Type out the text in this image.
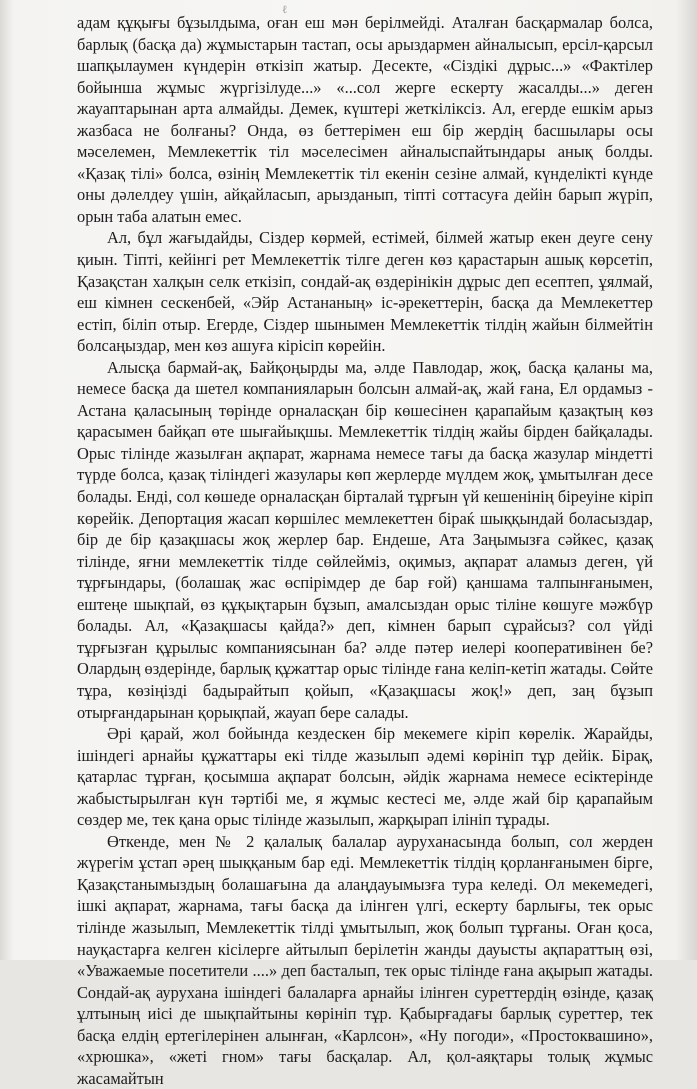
ℓ

адам құқығы бұзылдыма, оған еш мән берілмейді. Аталған басқармалар болса, барлық (басқа да) жұмыстарын тастап, осы арыздармен айналысып, ерсіл-қарсыл шапқылаумен күндерін өткізіп жатыр. Десекте, «Сіздікі дұрыс...» «Фактілер бойынша жұмыс жүргізілуде...» «...сол жерге ескерту жасалды...» деген жауаптарынан арта алмайды. Демек, күштері жеткіліксіз. Ал, егерде ешкім арыз жазбаса не болғаны? Онда, өз беттерімен еш бір жердің басшылары осы мәселемен, Мемлекеттік тіл мәселесімен айналыспайтындары анық болды. «Қазақ тілі» болса, өзінің Мемлекеттік тіл екенін сезіне алмай, күнделікті күнде оны дәлелдеу үшін, айқайласып, арызданып, тіпті соттасуға дейін барып жүріп, орын таба алатын емес.

Ал, бұл жағыдайды, Сіздер көрмей, естімей, білмей жатыр екен деуге сену қиын. Тіпті, кейінгі рет Мемлекеттік тілге деген көз қарастарын ашық көрсетіп, Қазақстан халқын селк еткізіп, сондай-ақ өздерінікін дұрыс деп есептеп, ұялмай, еш кімнен сескенбей, «Эйр Астананың» іс-әрекеттерін, басқа да Мемлекеттер естіп, біліп отыр. Егерде, Сіздер шынымен Мемлекеттік тілдің жайын білмейтін болсаңыздар, мен көз ашуға кірісіп көрейін.

Алысқа бармай-ақ, Байқоңырды ма, әлде Павлодар, жоқ, басқа қаланы ма, немесе басқа да шетел компанияларын болсын алмай-ақ, жай ғана, Ел ордамыз - Астана қаласының төрінде орналасқан бір көшесінен қарапайым қазақтың көз қарасымен байқап өте шығайықшы. Мемлекеттік тілдің жайы бірден байқалады. Орыс тілінде жазылған ақпарат, жарнама немесе тағы да басқа жазулар міндетті түрде болса, қазақ тіліндегі жазулары көп жерлерде мүлдем жоқ, ұмытылған десе болады. Енді, сол көшеде орналасқан бірталай тұрғын үй кешенінің біреуіне кіріп көрейік. Депортация жасап көршілес мемлекеттен біраќ шыққындай боласыздар, бір де бір қазақшасы жоқ жерлер бар. Ендеше, Ата Заңымызға сәйкес, қазақ тілінде, яғни мемлекеттік тілде сөйлейміз, оқимыз, ақпарат аламыз деген, үй тұрғындары, (болашақ жас өспірімдер де бар ғой) қаншама талпынғанымен, ештеңе шықпай, өз құқықтарын бұзып, амалсыздан орыс тіліне көшуге мәжбүр болады. Ал, «Қазақшасы қайда?» деп, кімнен барып сұрайсыз? сол үйді тұрғызған құрылыс компаниясынан ба? әлде пәтер иелері кооперативінен бе? Олардың өздерінде, барлық құжаттар орыс тілінде ғана келіп-кетіп жатады. Сөйте тұра, көзіңізді бадырайтып қойып, «Қазақшасы жоқ!» деп, заң бұзып отырғандарынан қорықпай, жауап бере салады.

Әрі қарай, жол бойында кездескен бір мекемеге кіріп көрелік. Жарайды, ішіндегі арнайы құжаттары екі тілде жазылып әдемі көрініп тұр дейік. Бірақ, қатарлас тұрған, қосымша ақпарат болсын, әйдік жарнама немесе есіктерінде жабыстырылған күн тәртібі ме, я жұмыс кестесі ме, әлде жай бір қарапайым сөздер ме, тек қана орыс тілінде жазылып, жарқырап ілініп тұрады.

Өткенде, мен № 2 қалалық балалар ауруханасында болып, сол жерден жүрегім ұстап әрең шыққаным бар еді. Мемлекеттік тілдің қорланғанымен бірге, Қазақстанымыздың болашағына да алаңдауымызға тура келеді. Ол мекемедегі, ішкі ақпарат, жарнама, тағы басқа да ілінген үлгі, ескерту барлығы, тек орыс тілінде жазылып, Мемлекеттік тілді ұмытылып, жоқ болып тұрғаны. Оған қоса, науқастарға келген кісілерге айтылып берілетін жанды дауысты ақпараттың өзі, «Уважаемые посетители ....» деп басталып, тек орыс тілінде ғана ақырып жатады. Сондай-ақ аурухана ішіндегі балаларға арнайы ілінген суреттердің өзінде, қазақ ұлтының иісі де шықпайтыны көрініп тұр. Қабырғадағы барлық суреттер, тек басқа елдің ертегілерінен алынған, «Карлсон», «Ну погоди», «Простоквашино», «хрюшка», «жеті гном» тағы басқалар. Ал, қол-аяқтары толық жұмыс жасамайтын
